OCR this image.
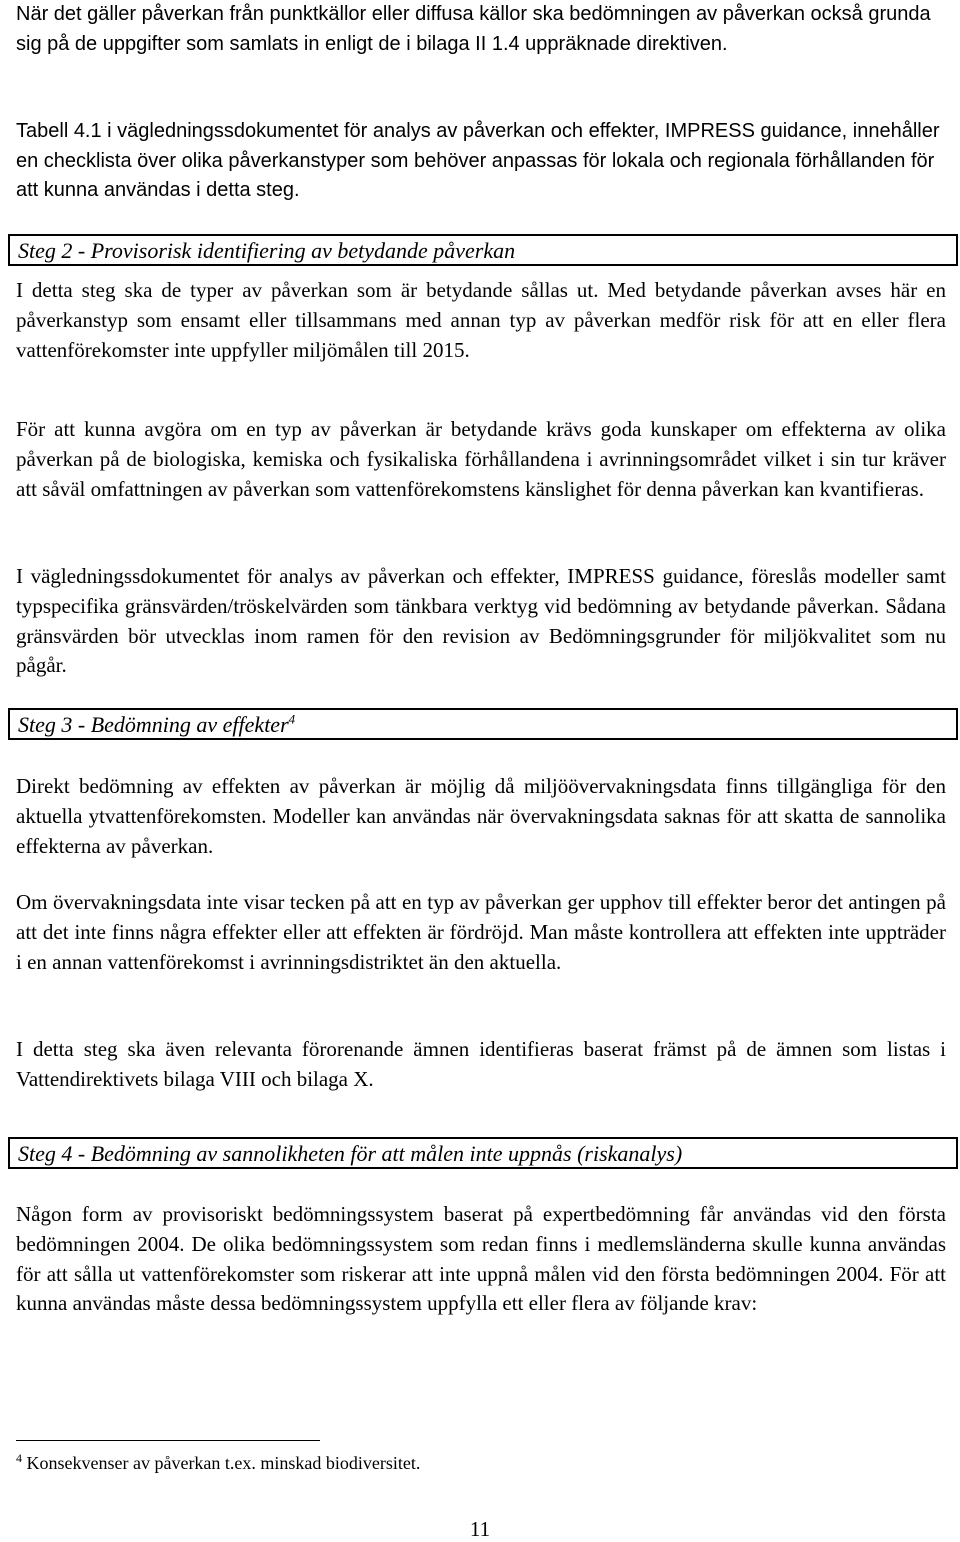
När det gäller påverkan från punktkällor eller diffusa källor ska bedömningen av påverkan också grunda sig på de uppgifter som samlats in enligt de i bilaga II 1.4 uppräknade direktiven.

Tabell 4.1 i vägledningssdokumentet för analys av påverkan och effekter, IMPRESS guidance, innehåller en checklista över olika påverkanstyper som behöver anpassas för lokala och regionala förhållanden för att kunna användas i detta steg.

Steg 2 - Provisorisk identifiering av betydande påverkan

I detta steg ska de typer av påverkan som är betydande sållas ut. Med betydande påverkan avses här en påverkanstyp som ensamt eller tillsammans med annan typ av påverkan medför risk för att en eller flera vattenförekomster inte uppfyller miljömålen till 2015.

För att kunna avgöra om en typ av påverkan är betydande krävs goda kunskaper om effekterna av olika påverkan på de biologiska, kemiska och fysikaliska förhållandena i avrinningsområdet vilket i sin tur kräver att såväl omfattningen av påverkan som vattenförekomstens känslighet för denna påverkan kan kvantifieras.

I vägledningssdokumentet för analys av påverkan och effekter, IMPRESS guidance, föreslås modeller samt typspecifika gränsvärden/tröskelvärden som tänkbara verktyg vid bedömning av betydande påverkan. Sådana gränsvärden bör utvecklas inom ramen för den revision av Bedömningsgrunder för miljökvalitet som nu pågår.

Steg 3 - Bedömning av effekter$^4$

Direkt bedömning av effekten av påverkan är möjlig då miljöövervakningsdata finns tillgängliga för den aktuella ytvattenförekomsten. Modeller kan användas när övervakningsdata saknas för att skatta de sannolika effekterna av påverkan.

Om övervakningsdata inte visar tecken på att en typ av påverkan ger upphov till effekter beror det antingen på att det inte finns några effekter eller att effekten är fördröjd. Man måste kontrollera att effekten inte uppträder i en annan vattenförekomst i avrinningsdistriktet än den aktuella.

I detta steg ska även relevanta förorenande ämnen identifieras baserat främst på de ämnen som listas i Vattendirektivets bilaga VIII och bilaga X.

Steg 4 - Bedömning av sannolikheten för att målen inte uppnås (riskanalys)

Någon form av provisoriskt bedömningssystem baserat på expertbedömning får användas vid den första bedömningen 2004. De olika bedömningssystem som redan finns i medlemsländerna skulle kunna användas för att sålla ut vattenförekomster som riskerar att inte uppnå målen vid den första bedömningen 2004. För att kunna användas måste dessa bedömningssystem uppfylla ett eller flera av följande krav:

$^4$ Konsekvenser av påverkan t.ex. minskad biodiversitet.
11
